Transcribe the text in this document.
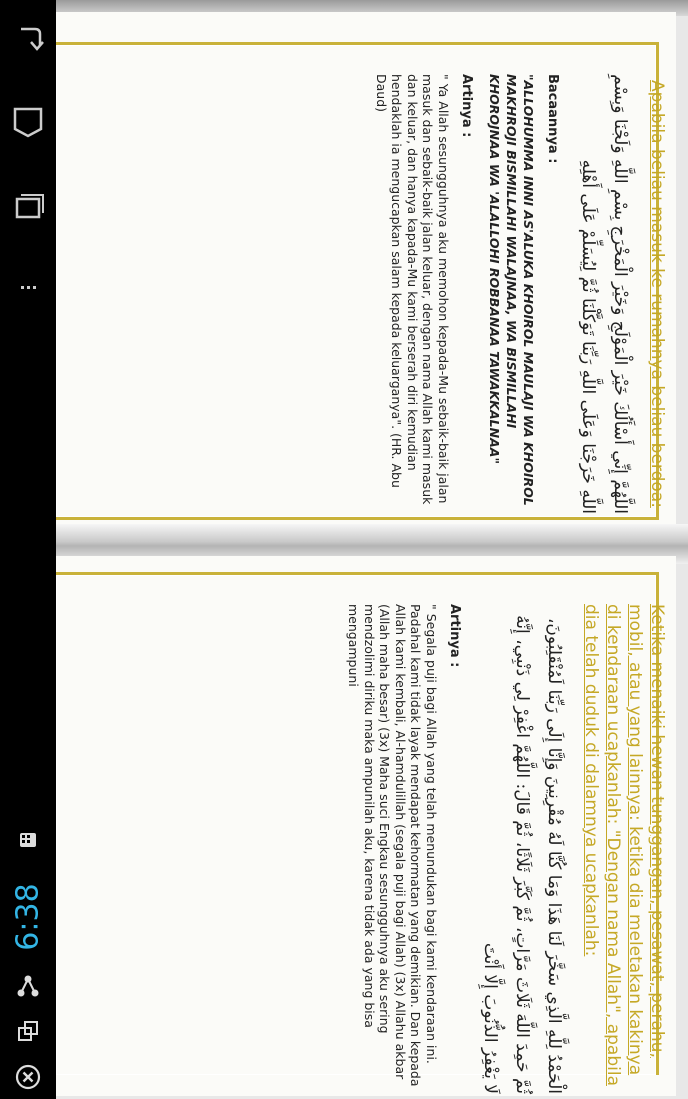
6:38
Apabila beliau masuk ke rumahnya beliau berdoa:
اللَّهُمَّ إِنِّي أَسْأَلُكَ خَيْرَ الْمَوْلَجِ وَخَيْرَ الْمَخْرَجِ بِسْمِ اللَّهِ وَلَجْنَا وَبِسْمِ اللَّهِ خَرَجْنَا وَعَلَى اللَّهِ رَبِّنَا تَوَكَّلْنَا ثُمَّ لِيُسَلِّمْ عَلَى أَهْلِهِ
Bacaannya :
"ALLOHUMMA INNI AS'ALUKA KHOIROL MAULAJI WA KHOIROL MAKHROJI BISMILLAHI WALAJNAA, WA BISMILLAHI KHOROJNAA WA 'ALALLOHI ROBBANAA TAWAKKALNAA"
Artinya :
" Ya Allah sesungguhnya aku memohon kepada-Mu sebaik-baik jalan masuk dan sebaik-baik jalan keluar, dengan nama Allah kami masuk dan keluar, dan hanya kapada-Mu kami berserah diri kemudian hendaklah ia mengucapkan salam kepada keluarganya". (HR. Abu Daud)
Ketika menaiki hewan tunggangan, pesawat, perahu, mobil, atau yang lainnya: ketika dia meletakan kakinya di kendaraan ucapkanlah: "Dengan nama Allah", apabila dia telah duduk di dalamnya ucapkanlah:
الْحَمْدُ لِلَّهِ الَّذِي سَخَّرَ لَنَا هَذَا وَمَا كُنَّا لَهُ مُقْرِنِينَ وَإِنَّا إِلَى رَبِّنَا لَمُنْقَلِبُونَ، ثُمَّ حَمِدَ اللَّهَ ثَلَاثَ مَرَّاتٍ، ثُمَّ كَبَّرَ ثَلَاثًا، ثُمَّ قَالَ: اللَّهُمَّ اغْفِرْ لِي ذَنْبِي، إِنَّهُ لَا يَغْفِرُ الذُّنُوبَ إِلَّا أَنْتَ
Artinya :
" Segala puji bagi Allah yang telah menundukan bagi kami kendaraan ini. Padahal kami tidak layak mendapat kehormatan yang demikian. Dan kepada Allah kami kembali, Al-hamdulillah (segala puji bagi Allah) (3x) Allahu akbar (Allah maha besar) (3x) Maha suci Engkau sesungguhnya aku sering mendzolimi diriku maka ampunilah aku, karena tidak ada yang bisa mengampuni
